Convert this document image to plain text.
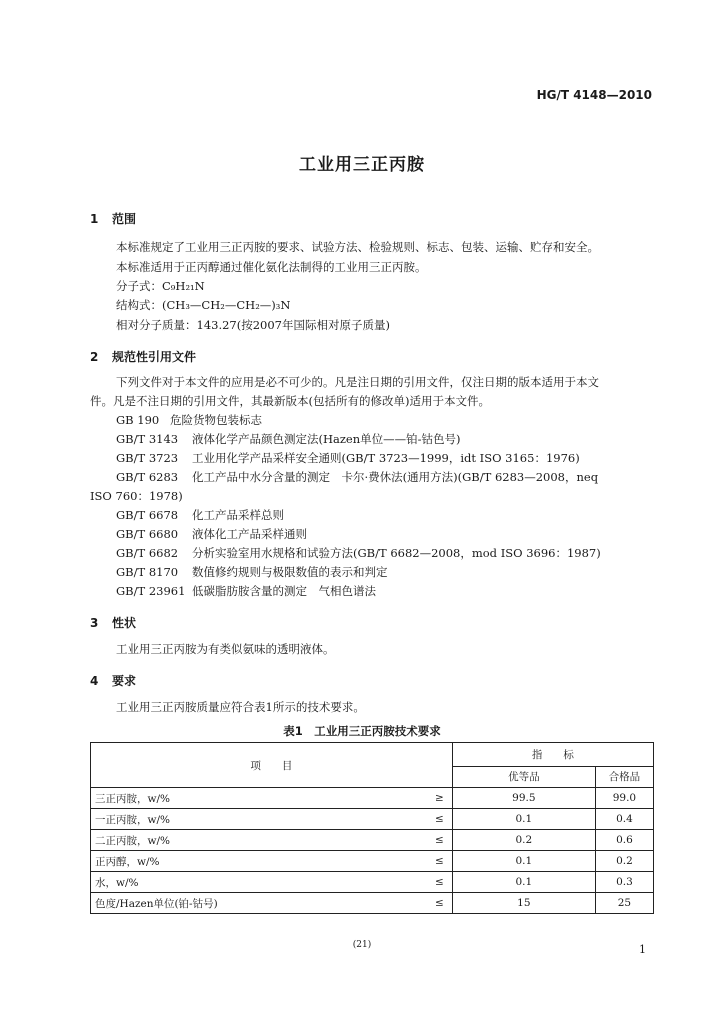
HG/T 4148—2010
工业用三正丙胺
1 范围
本标准规定了工业用三正丙胺的要求、试验方法、检验规则、标志、包装、运输、贮存和安全。
本标准适用于正丙醇通过催化氨化法制得的工业用三正丙胺。
分子式：C₉H₂₁N
结构式：(CH₃—CH₂—CH₂—)₃N
相对分子质量：143.27(按2007年国际相对原子质量)
2 规范性引用文件
下列文件对于本文件的应用是必不可少的。凡是注日期的引用文件，仅注日期的版本适用于本文
件。凡是不注日期的引用文件，其最新版本(包括所有的修改单)适用于本文件。
GB 190 危险货物包装标志
GB/T 3143 液体化学产品颜色测定法(Hazen单位——铂-钴色号)
GB/T 3723 工业用化学产品采样安全通则(GB/T 3723—1999，idt ISO 3165：1976)
GB/T 6283 化工产品中水分含量的测定　卡尔·费休法(通用方法)(GB/T 6283—2008，neq
ISO 760：1978)
GB/T 6678 化工产品采样总则
GB/T 6680 液体化工产品采样通则
GB/T 6682 分析实验室用水规格和试验方法(GB/T 6682—2008，mod ISO 3696：1987)
GB/T 8170 数值修约规则与极限数值的表示和判定
GB/T 23961 低碳脂肪胺含量的测定　气相色谱法
3 性状
工业用三正丙胺为有类似氨味的透明液体。
4 要求
工业用三正丙胺质量应符合表1所示的技术要求。
表1　工业用三正丙胺技术要求
项　　目		指　　标	
		优等品	合格品
三正丙胺，w/%	≥	99.5	99.0
一正丙胺，w/%	≤	0.1	0.4
二正丙胺，w/%	≤	0.2	0.6
正丙醇，w/%	≤	0.1	0.2
水，w/%	≤	0.1	0.3
色度/Hazen单位(铂-钴号)	≤	15	25
(21)	1
